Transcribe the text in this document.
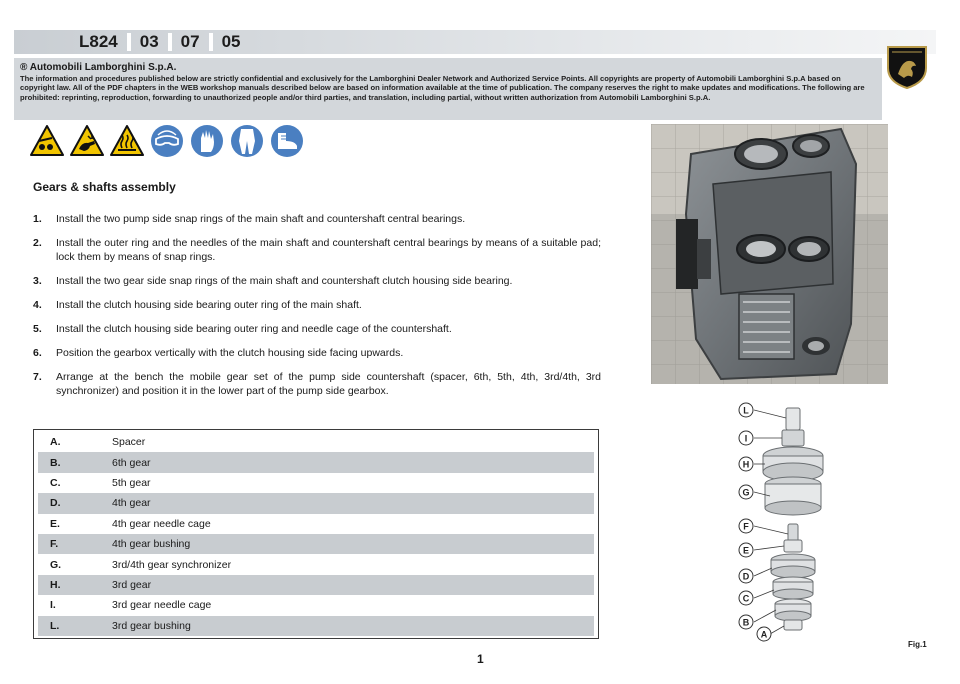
L824	03	07	05
® Automobili Lamborghini S.p.A.
The information and procedures published below are strictly confidential and exclusively for the Lamborghini Dealer Network and Authorized Service Points. All copyrights are property of Automobili Lamborghini S.p.A based on copyright law. All of the PDF chapters in the WEB workshop manuals described below are based on information available at the time of publication. The company reserves the right to make updates and modifications. The following are prohibited: reprinting, reproduction, forwarding to unauthorized people and/or third parties, and translation, including partial, without written authorization from Automobili Lamborghini S.p.A.
Gears & shafts assembly
1.	Install the two pump side snap rings of the main shaft and countershaft central bearings.
2.	Install the outer ring and the needles of the main shaft and countershaft central bearings by means of a suitable pad; lock them by means of snap rings.
3.	Install the two gear side snap rings of the main shaft and countershaft clutch housing side bearing.
4.	Install the clutch housing side bearing outer ring of the main shaft.
5.	Install the clutch housing side bearing outer ring and needle cage of the countershaft.
6.	Position the gearbox vertically with the clutch housing side facing upwards.
7.	Arrange at the bench the mobile gear set of the pump side countershaft (spacer, 6th, 5th, 4th, 3rd/4th, 3rd synchronizer) and position it in the lower part of the pump side gearbox.
A.	Spacer
B.	6th gear
C.	5th gear
D.	4th gear
E.	4th gear needle cage
F.	4th gear bushing
G.	3rd/4th gear synchronizer
H.	3rd gear
I.	3rd gear needle cage
L.	3rd gear bushing
L
I
H
G
F
E
D
C
B
A
Fig.1
1
